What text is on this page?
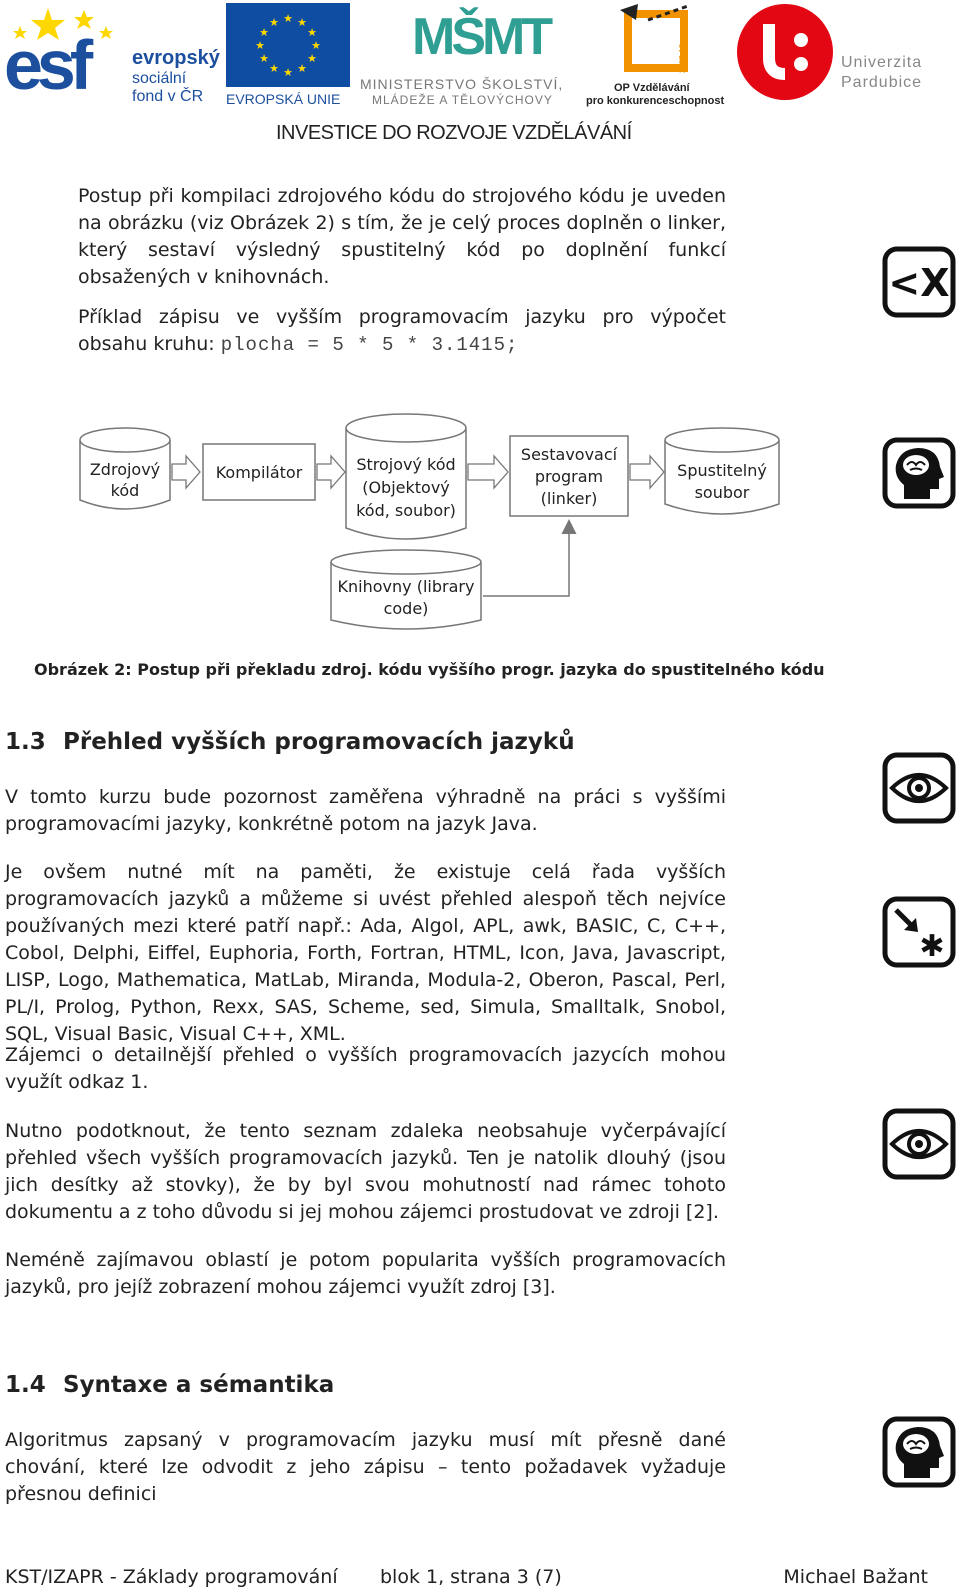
esf evropský
sociální
fond v ČR
★ ★
★
★
★
★
★
★
★
★
★
★
EVROPSKÁ UNIE
MŠMT
MINISTERSTVO ŠKOLSTVÍ,
MLÁDEŽE A TĚLOVÝCHOVY
2007-13
OP Vzdělávání
pro konkurenceschopnost
Univerzita
Pardubice
INVESTICE DO ROZVOJE VZDĚLÁVÁNÍ
Postup při kompilaci zdrojového kódu do strojového kódu je uveden na obrázku (viz Obrázek 2) s tím, že je celý proces doplněn o linker, který sestaví výsledný spustitelný kód po doplnění funkcí obsažených v knihovnách.
Příklad zápisu ve vyšším programovacím jazyku pro výpočet obsahu kruhu: plocha = 5 * 5 * 3.1415;
Zdrojový
kód
Kompilátor	Strojový kód
(Objektový
kód, soubor)
Sestavovací
program
(linker)
Spustitelný
soubor
Knihovny (library
code)
Obrázek 2: Postup při překladu zdroj. kódu vyššího progr. jazyka do spustitelného kódu
1.3 Přehled vyšších programovacích jazyků
V tomto kurzu bude pozornost zaměřena výhradně na práci s vyššími programovacími jazyky, konkrétně potom na jazyk Java.
Je ovšem nutné mít na paměti, že existuje celá řada vyšších programovacích jazyků a můžeme si uvést přehled alespoň těch nejvíce používaných mezi které patří např.: Ada, Algol, APL, awk, BASIC, C, C++, Cobol, Delphi, Eiffel, Euphoria, Forth, Fortran, HTML, Icon, Java, Javascript, LISP, Logo, Mathematica, MatLab, Miranda, Modula-2, Oberon, Pascal, Perl, PL/I, Prolog, Python, Rexx, SAS, Scheme, sed, Simula, Smalltalk, Snobol, SQL, Visual Basic, Visual C++, XML.
Zájemci o detailnější přehled o vyšších programovacích jazycích mohou využít odkaz 1.
Nutno podotknout, že tento seznam zdaleka neobsahuje vyčerpávající přehled všech vyšších programovacích jazyků. Ten je natolik dlouhý (jsou jich desítky až stovky), že by byl svou mohutností nad rámec tohoto dokumentu a z toho důvodu si jej mohou zájemci prostudovat ve zdroji [2].
Neméně zajímavou oblastí je potom popularita vyšších programovacích jazyků, pro jejíž zobrazení mohou zájemci využít zdroj [3].
1.4 Syntaxe a sémantika
Algoritmus zapsaný v programovacím jazyku musí mít přesně dané chování, které lze odvodit z jeho zápisu – tento požadavek vyžaduje přesnou definici
<X
✱
KST/IZAPR - Základy programování blok 1, strana 3 (7)	Michael Bažant
